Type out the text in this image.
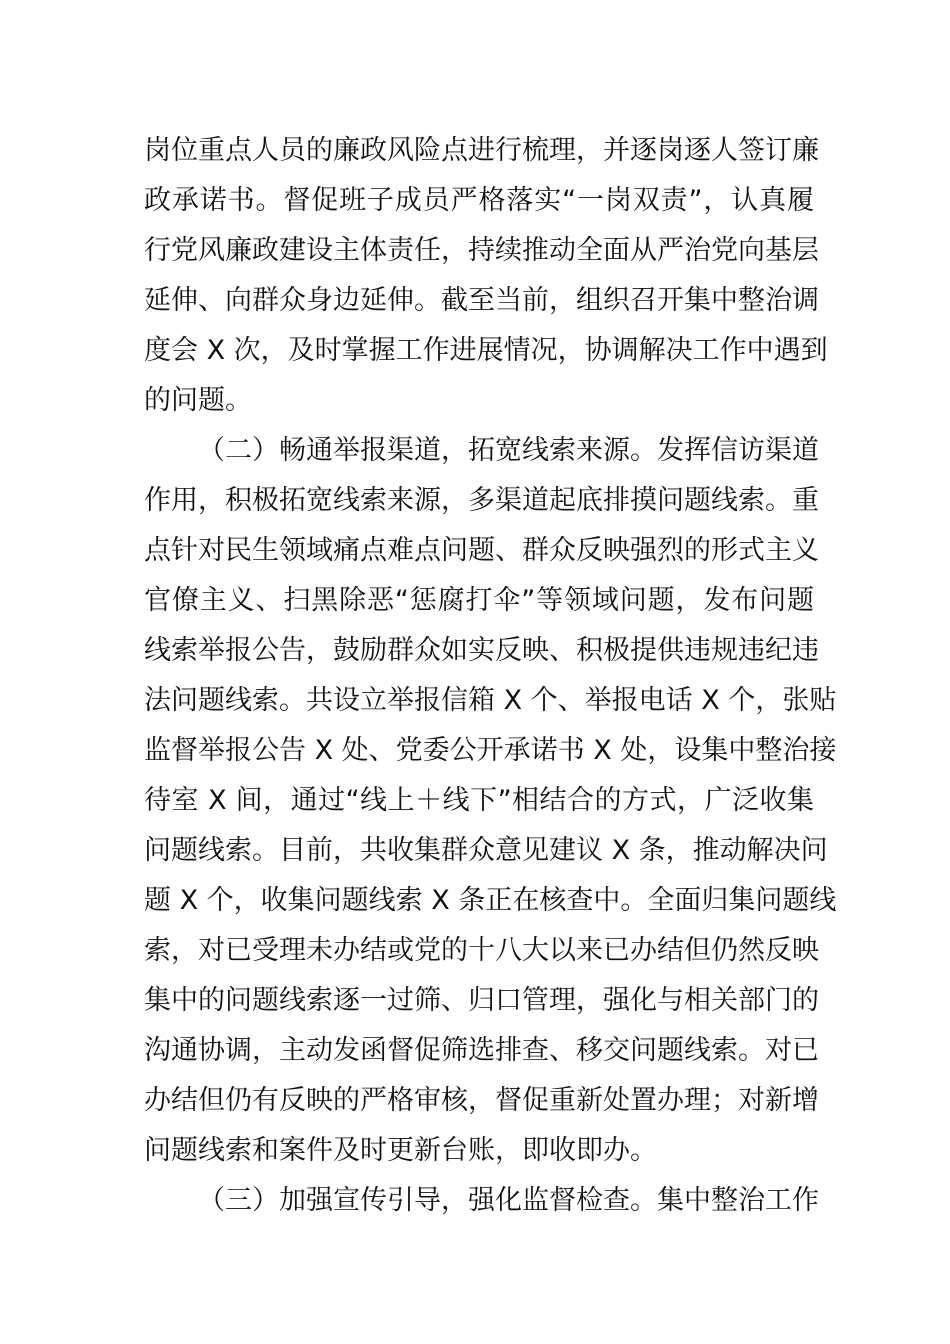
岗位重点人员的廉政风险点进行梳理，并逐岗逐人签订廉
政承诺书。督促班子成员严格落实“一岗双责”，认真履
行党风廉政建设主体责任，持续推动全面从严治党向基层
延伸、向群众身边延伸。截至当前，组织召开集中整治调
度会 X 次，及时掌握工作进展情况，协调解决工作中遇到
的问题。
（二）畅通举报渠道，拓宽线索来源。发挥信访渠道
作用，积极拓宽线索来源，多渠道起底排摸问题线索。重
点针对民生领域痛点难点问题、群众反映强烈的形式主义
官僚主义、扫黑除恶“惩腐打伞”等领域问题，发布问题
线索举报公告，鼓励群众如实反映、积极提供违规违纪违
法问题线索。共设立举报信箱 X 个、举报电话 X 个，张贴
监督举报公告 X 处、党委公开承诺书 X 处，设集中整治接
待室 X 间，通过“线上＋线下”相结合的方式，广泛收集
问题线索。目前，共收集群众意见建议 X 条，推动解决问
题 X 个，收集问题线索 X 条正在核查中。全面归集问题线
索，对已受理未办结或党的十八大以来已办结但仍然反映
集中的问题线索逐一过筛、归口管理，强化与相关部门的
沟通协调，主动发函督促筛选排查、移交问题线索。对已
办结但仍有反映的严格审核，督促重新处置办理；对新增
问题线索和案件及时更新台账，即收即办。
（三）加强宣传引导，强化监督检查。集中整治工作
